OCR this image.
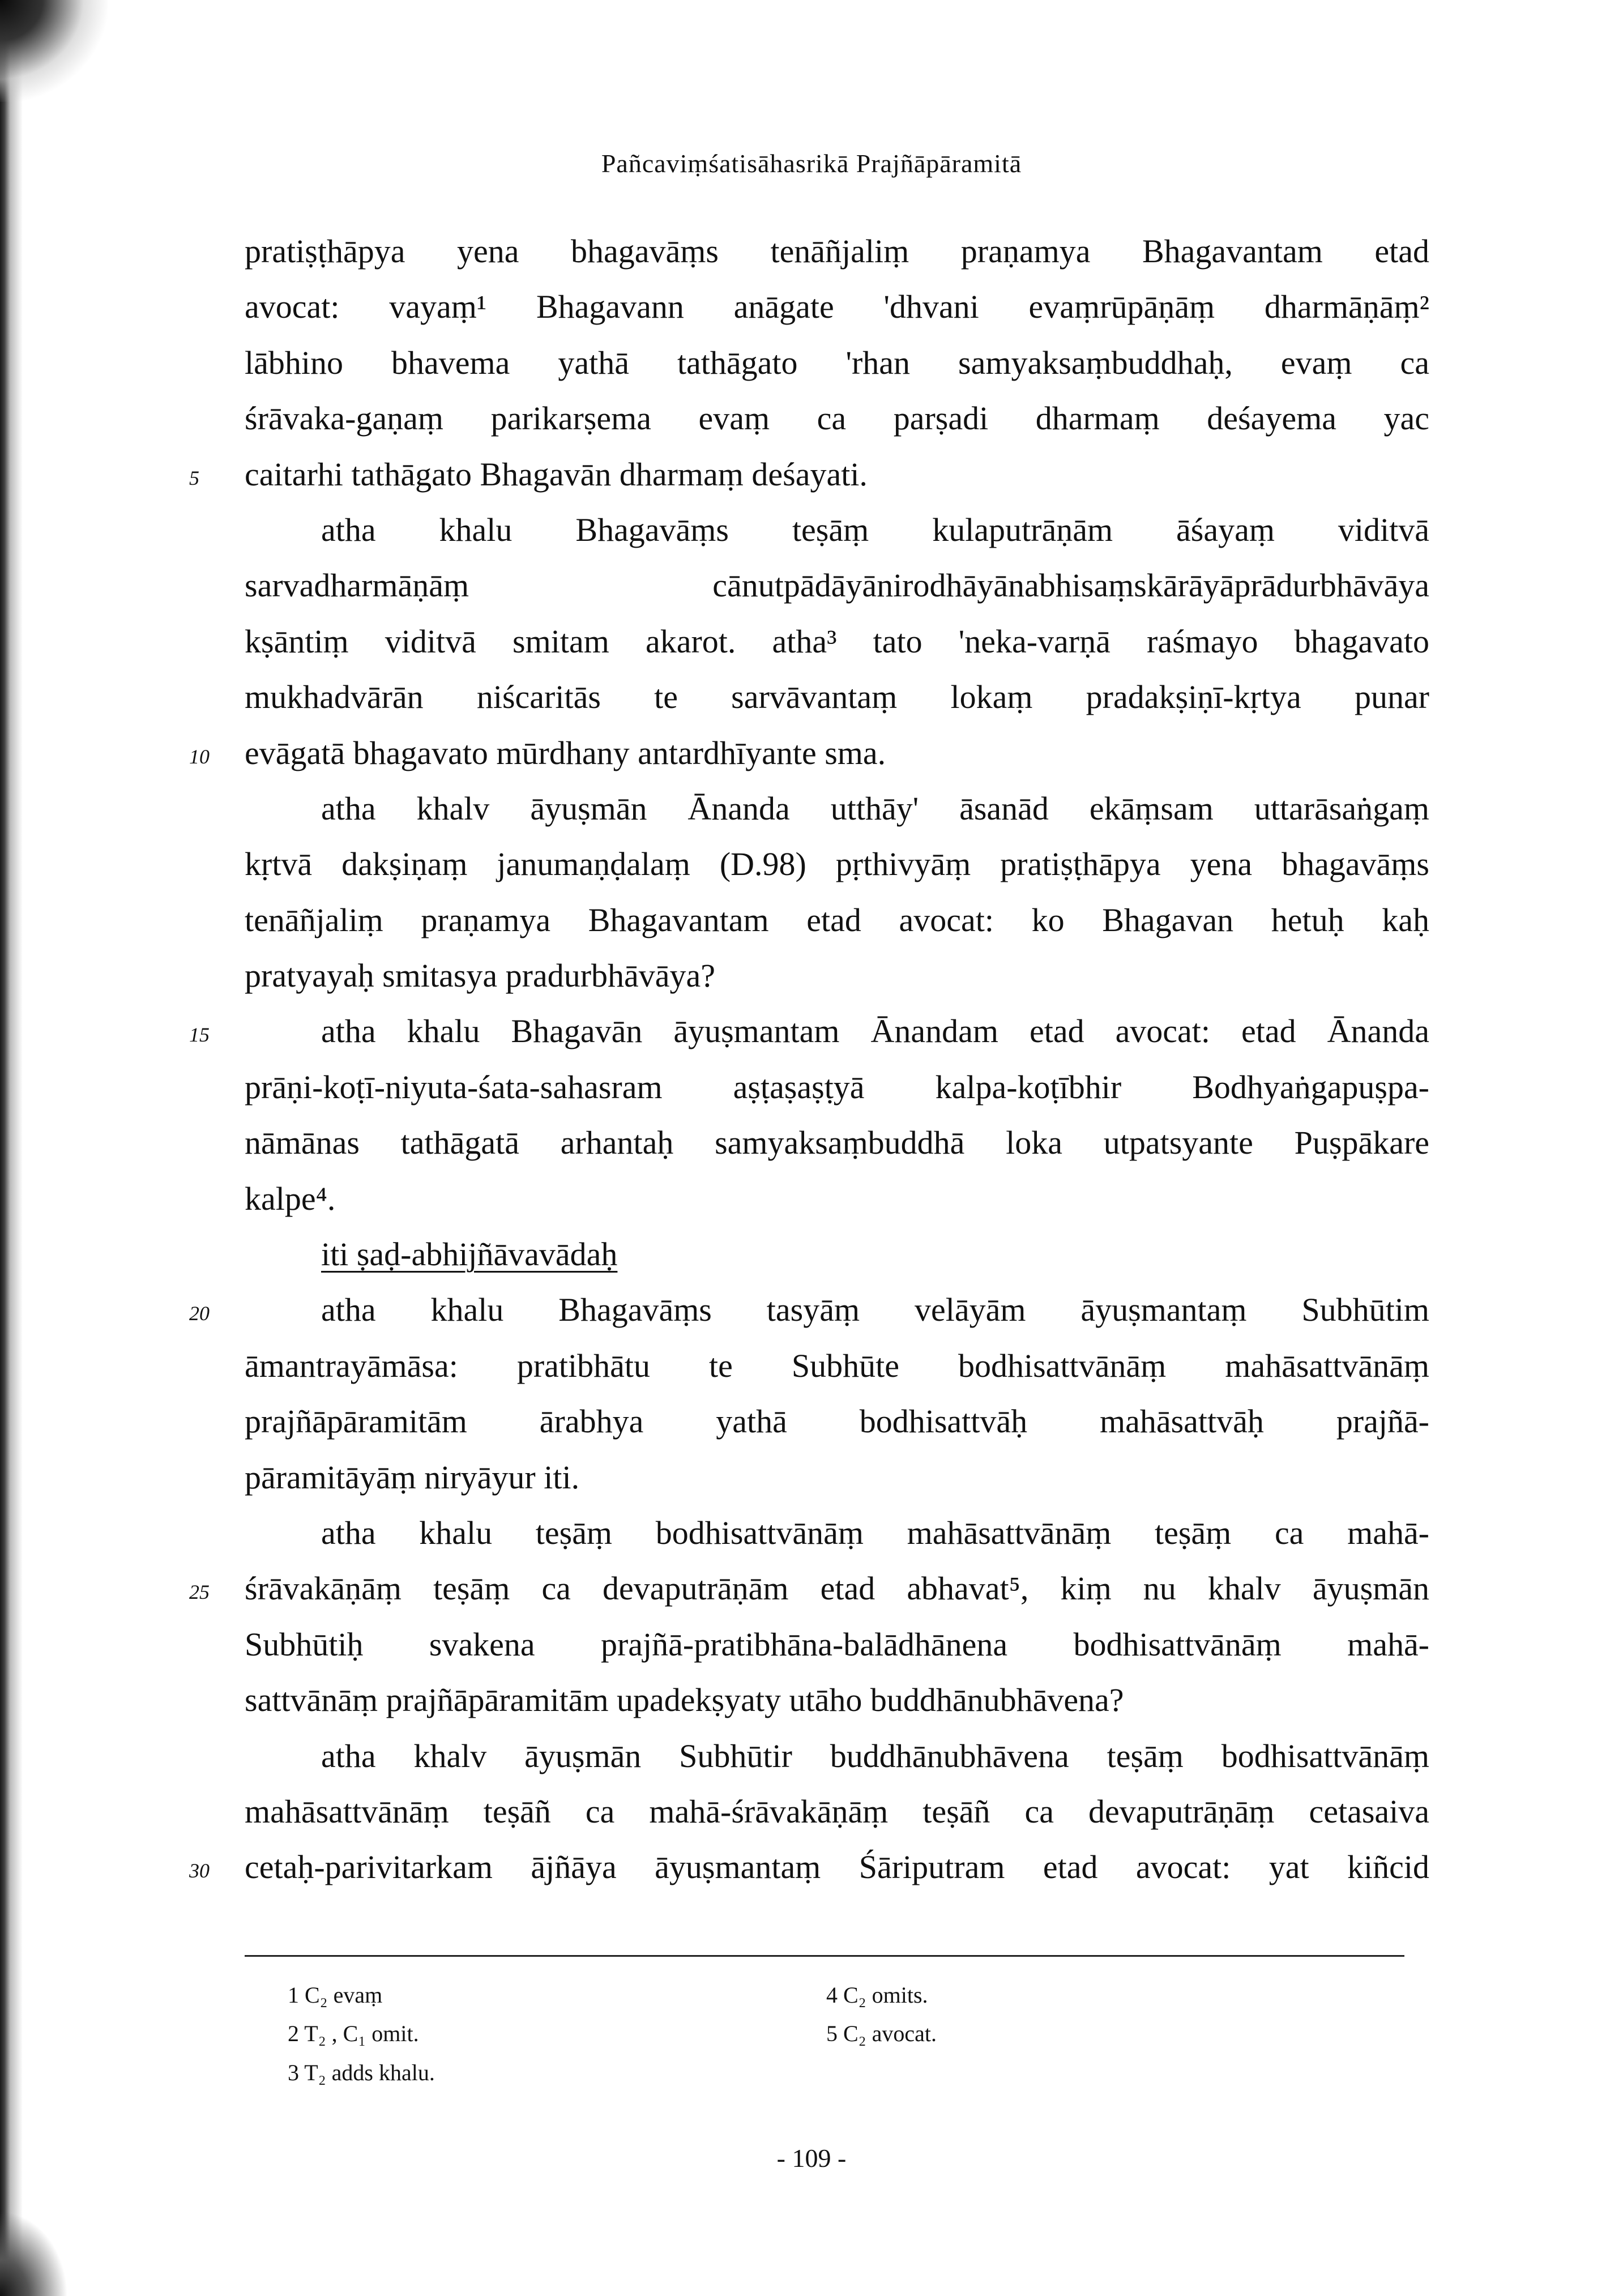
Pañcaviṃśatisāhasrikā Prajñāpāramitā
pratiṣṭhāpya yena bhagavāṃs tenāñjaliṃ praṇamya Bhagavantam etad
avocat: vayaṃ¹ Bhagavann anāgate 'dhvani evaṃrūpāṇāṃ dharmāṇāṃ²
lābhino bhavema yathā tathāgato 'rhan samyaksaṃbuddhaḥ, evaṃ ca
śrāvaka-gaṇaṃ parikarṣema evaṃ ca parṣadi dharmaṃ deśayema yac
5	caitarhi tathāgato Bhagavān dharmaṃ deśayati.
atha khalu Bhagavāṃs teṣāṃ kulaputrāṇām āśayaṃ viditvā
sarvadharmāṇāṃ cānutpādāyānirodhāyānabhisaṃskārāyāprādurbhāvāya
kṣāntiṃ viditvā smitam akarot. atha³ tato 'neka-varṇā raśmayo bhagavato
mukhadvārān niścaritās te sarvāvantaṃ lokaṃ pradakṣiṇī-kṛtya punar
10	evāgatā bhagavato mūrdhany antardhīyante sma.
atha khalv āyuṣmān Ānanda utthāy' āsanād ekāṃsam uttarāsaṅgaṃ
kṛtvā dakṣiṇaṃ janumaṇḍalaṃ (D.98) pṛthivyāṃ pratiṣṭhāpya yena bhagavāṃs
tenāñjaliṃ praṇamya Bhagavantam etad avocat: ko Bhagavan hetuḥ kaḥ
pratyayaḥ smitasya pradurbhāvāya?
15	atha khalu Bhagavān āyuṣmantam Ānandam etad avocat: etad Ānanda
prāṇi-koṭī-niyuta-śata-sahasram aṣṭaṣaṣṭyā kalpa-koṭībhir Bodhyaṅgapuṣpa-
nāmānas tathāgatā arhantaḥ samyaksaṃbuddhā loka utpatsyante Puṣpākare
kalpe⁴.
iti ṣaḍ-abhijñāvavādaḥ
20	atha khalu Bhagavāṃs tasyāṃ velāyām āyuṣmantaṃ Subhūtim
āmantrayāmāsa: pratibhātu te Subhūte bodhisattvānāṃ mahāsattvānāṃ
prajñāpāramitām ārabhya yathā bodhisattvāḥ mahāsattvāḥ prajñā-
pāramitāyāṃ niryāyur iti.
atha khalu teṣāṃ bodhisattvānāṃ mahāsattvānāṃ teṣāṃ ca mahā-
25	śrāvakāṇāṃ teṣāṃ ca devaputrāṇām etad abhavat⁵, kiṃ nu khalv āyuṣmān
Subhūtiḥ svakena prajñā-pratibhāna-balādhānena bodhisattvānāṃ mahā-
sattvānāṃ prajñāpāramitām upadekṣyaty utāho buddhānubhāvena?
atha khalv āyuṣmān Subhūtir buddhānubhāvena teṣāṃ bodhisattvānāṃ
mahāsattvānāṃ teṣāñ ca mahā-śrāvakāṇāṃ teṣāñ ca devaputrāṇāṃ cetasaiva
30	cetaḥ-parivitarkam ājñāya āyuṣmantaṃ Śāriputram etad avocat: yat kiñcid
1 C₂ evaṃ
2 T₂ , C₁ omit.
3 T₂ adds khalu.
4 C₂ omits.
5 C₂ avocat.
- 109 -
